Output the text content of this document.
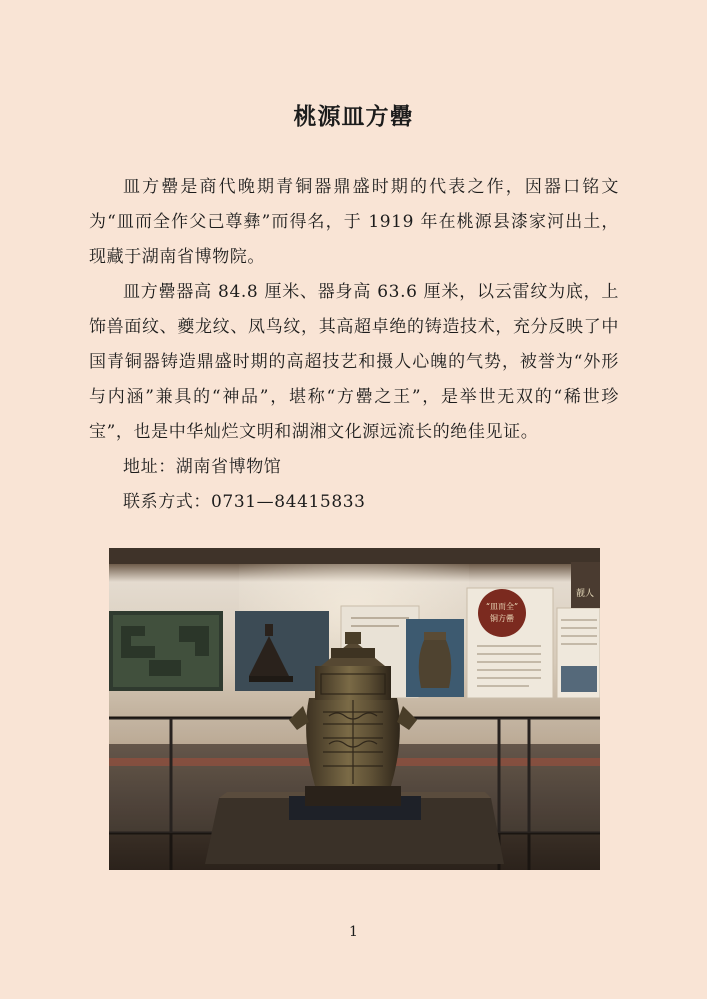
桃源皿方罍

皿方罍是商代晚期青铜器鼎盛时期的代表之作，因器口铭文为“皿而全作父己尊彝”而得名，于 1919 年在桃源县漆家河出土，现藏于湖南省博物院。

皿方罍器高 84.8 厘米、器身高 63.6 厘米，以云雷纹为底，上饰兽面纹、夔龙纹、凤鸟纹，其高超卓绝的铸造技术，充分反映了中国青铜器铸造鼎盛时期的高超技艺和摄人心魄的气势，被誉为“外形与内涵”兼具的“神品”，堪称“方罍之王”，是举世无双的“稀世珍宝”，也是中华灿烂文明和湖湘文化源远流长的绝佳见证。

地址：湖南省博物馆

联系方式：0731—84415833

“皿而全”
铜方罍
靓人
1
